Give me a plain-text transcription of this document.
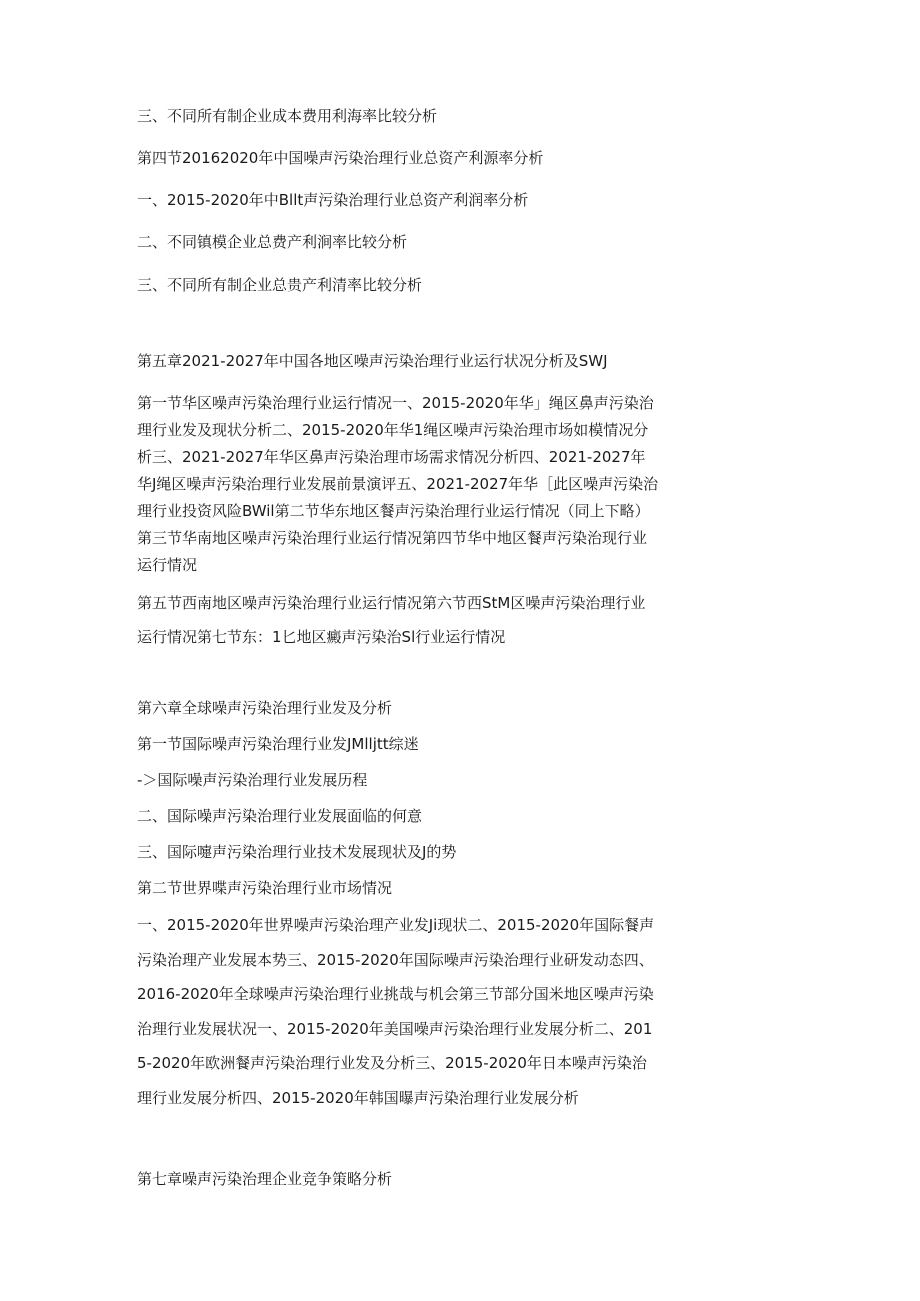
三、不同所有制企业成本费用利海率比较分析
第四节20162020年中国噪声污染治理行业总资产利源率分析
一、2015-2020年中Bllt声污染治理行业总资产利润率分析
二、不同镇模企业总费产利涧率比较分析
三、不同所有制企业总贵产利清率比较分析
第五章2021-2027年中国各地区噪声污染治理行业运行状况分析及SWJ
第一节华区噪声污染治理行业运行情况一、2015-2020年华」绳区鼻声污染治理行业发及现状分析二、2015-2020年华1绳区噪声污染治理市场如模情况分析三、2021-2027年华区鼻声污染治理市场需求情况分析四、2021-2027年华J绳区噪声污染治理行业发展前景演评五、2021-2027年华［此区噪声污染治理行业投资风险BWil第二节华东地区餐声污染治理行业运行情况（同上下略）第三节华南地区噪声污染治理行业运行情况第四节华中地区餐声污染治现行业运行情况
第五节西南地区噪声污染治理行业运行情况第六节西StM区噪声污染治理行业运行情况第七节东：1匕地区癜声污染治Sl行业运行情况
第六章全球噪声污染治理行业发及分析
第一节国际噪声污染治理行业发JMlljtt综迷
-＞国际噪声污染治理行业发展历程
二、国际噪声污染治理行业发展面临的何意
三、国际嚏声污染治理行业技术发展现状及J的势
第二节世界喋声污染治理行业市场情况
一、2015-2020年世界噪声污染治理产业发Ji现状二、2015-2020年国际餐声污染治理产业发展本势三、2015-2020年国际噪声污染治理行业研发动态四、2016-2020年全球噪声污染治理行业挑哉与机会第三节部分国米地区噪声污染治理行业发展状况一、2015-2020年美国噪声污染治理行业发展分析二、2015-2020年欧洲餐声污染治理行业发及分析三、2015-2020年日本噪声污染治理行业发展分析四、2015-2020年韩国曝声污染治理行业发展分析
第七章噪声污染治理企业竞争策略分析
